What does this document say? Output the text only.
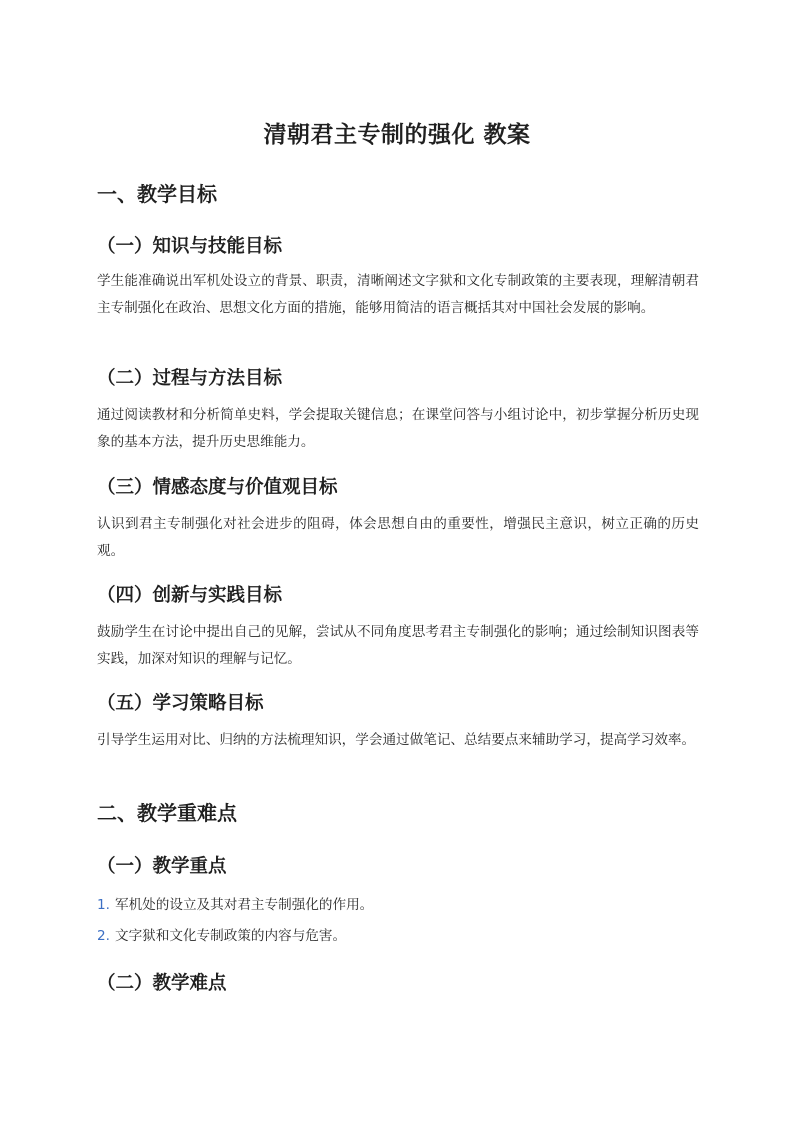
清朝君主专制的强化 教案
一、教学目标
（一）知识与技能目标

学生能准确说出军机处设立的背景、职责，清晰阐述文字狱和文化专制政策的主要表现，理解清朝君主专制强化在政治、思想文化方面的措施，能够用简洁的语言概括其对中国社会发展的影响。

（二）过程与方法目标

通过阅读教材和分析简单史料，学会提取关键信息；在课堂问答与小组讨论中，初步掌握分析历史现象的基本方法，提升历史思维能力。

（三）情感态度与价值观目标

认识到君主专制强化对社会进步的阻碍，体会思想自由的重要性，增强民主意识，树立正确的历史观。

（四）创新与实践目标

鼓励学生在讨论中提出自己的见解，尝试从不同角度思考君主专制强化的影响；通过绘制知识图表等实践，加深对知识的理解与记忆。

（五）学习策略目标

引导学生运用对比、归纳的方法梳理知识，学会通过做笔记、总结要点来辅助学习，提高学习效率。

二、教学重难点
（一）教学重点
1. 军机处的设立及其对君主专制强化的作用。
2. 文字狱和文化专制政策的内容与危害。
（二）教学难点
